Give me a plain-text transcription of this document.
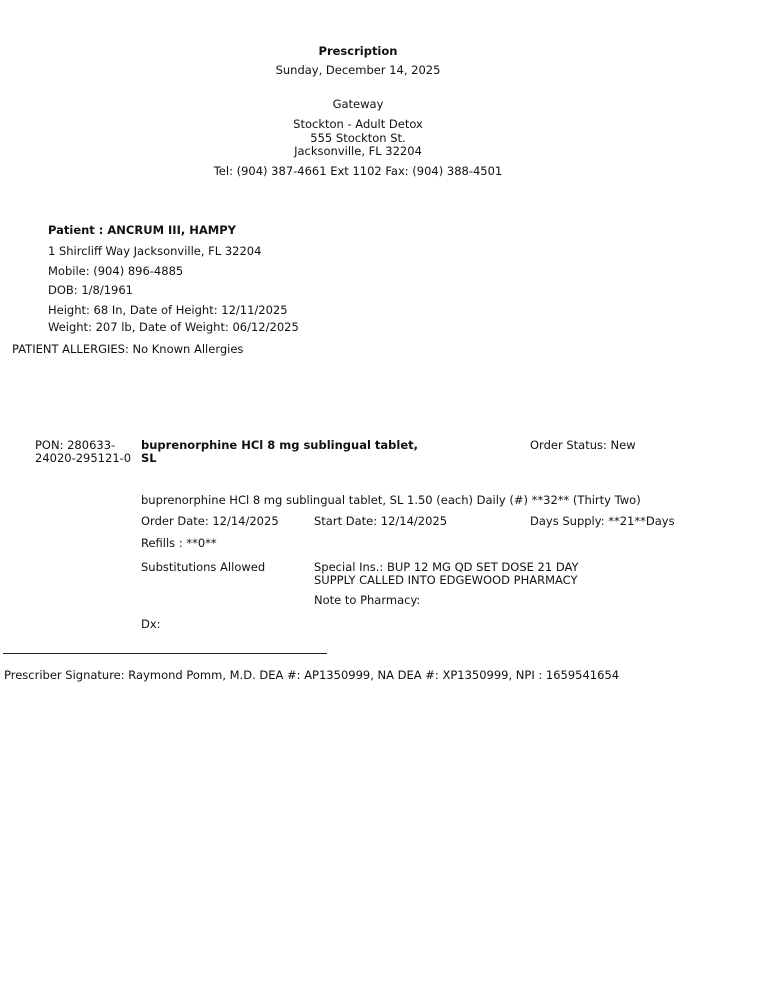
Prescription
Sunday, December 14, 2025
Gateway
Stockton - Adult Detox
555 Stockton St.
Jacksonville, FL 32204
Tel: (904) 387-4661 Ext 1102 Fax: (904) 388-4501
Patient : ANCRUM III, HAMPY
1 Shircliff Way Jacksonville, FL 32204
Mobile: (904) 896-4885
DOB: 1/8/1961
Height: 68 In, Date of Height: 12/11/2025
Weight: 207 lb, Date of Weight: 06/12/2025
PATIENT ALLERGIES: No Known Allergies
PON: 280633-
24020-295121-0
buprenorphine HCl 8 mg sublingual tablet,
SL
Order Status: New
buprenorphine HCl 8 mg sublingual tablet, SL 1.50 (each) Daily (#) **32** (Thirty Two)
Order Date: 12/14/2025	Start Date: 12/14/2025	Days Supply: **21**Days
Refills : **0**
Substitutions Allowed	Special Ins.: BUP 12 MG QD SET DOSE 21 DAY
SUPPLY CALLED INTO EDGEWOOD PHARMACY
Note to Pharmacy:
Dx:
Prescriber Signature: Raymond Pomm, M.D. DEA #: AP1350999, NA DEA #: XP1350999, NPI : 1659541654
